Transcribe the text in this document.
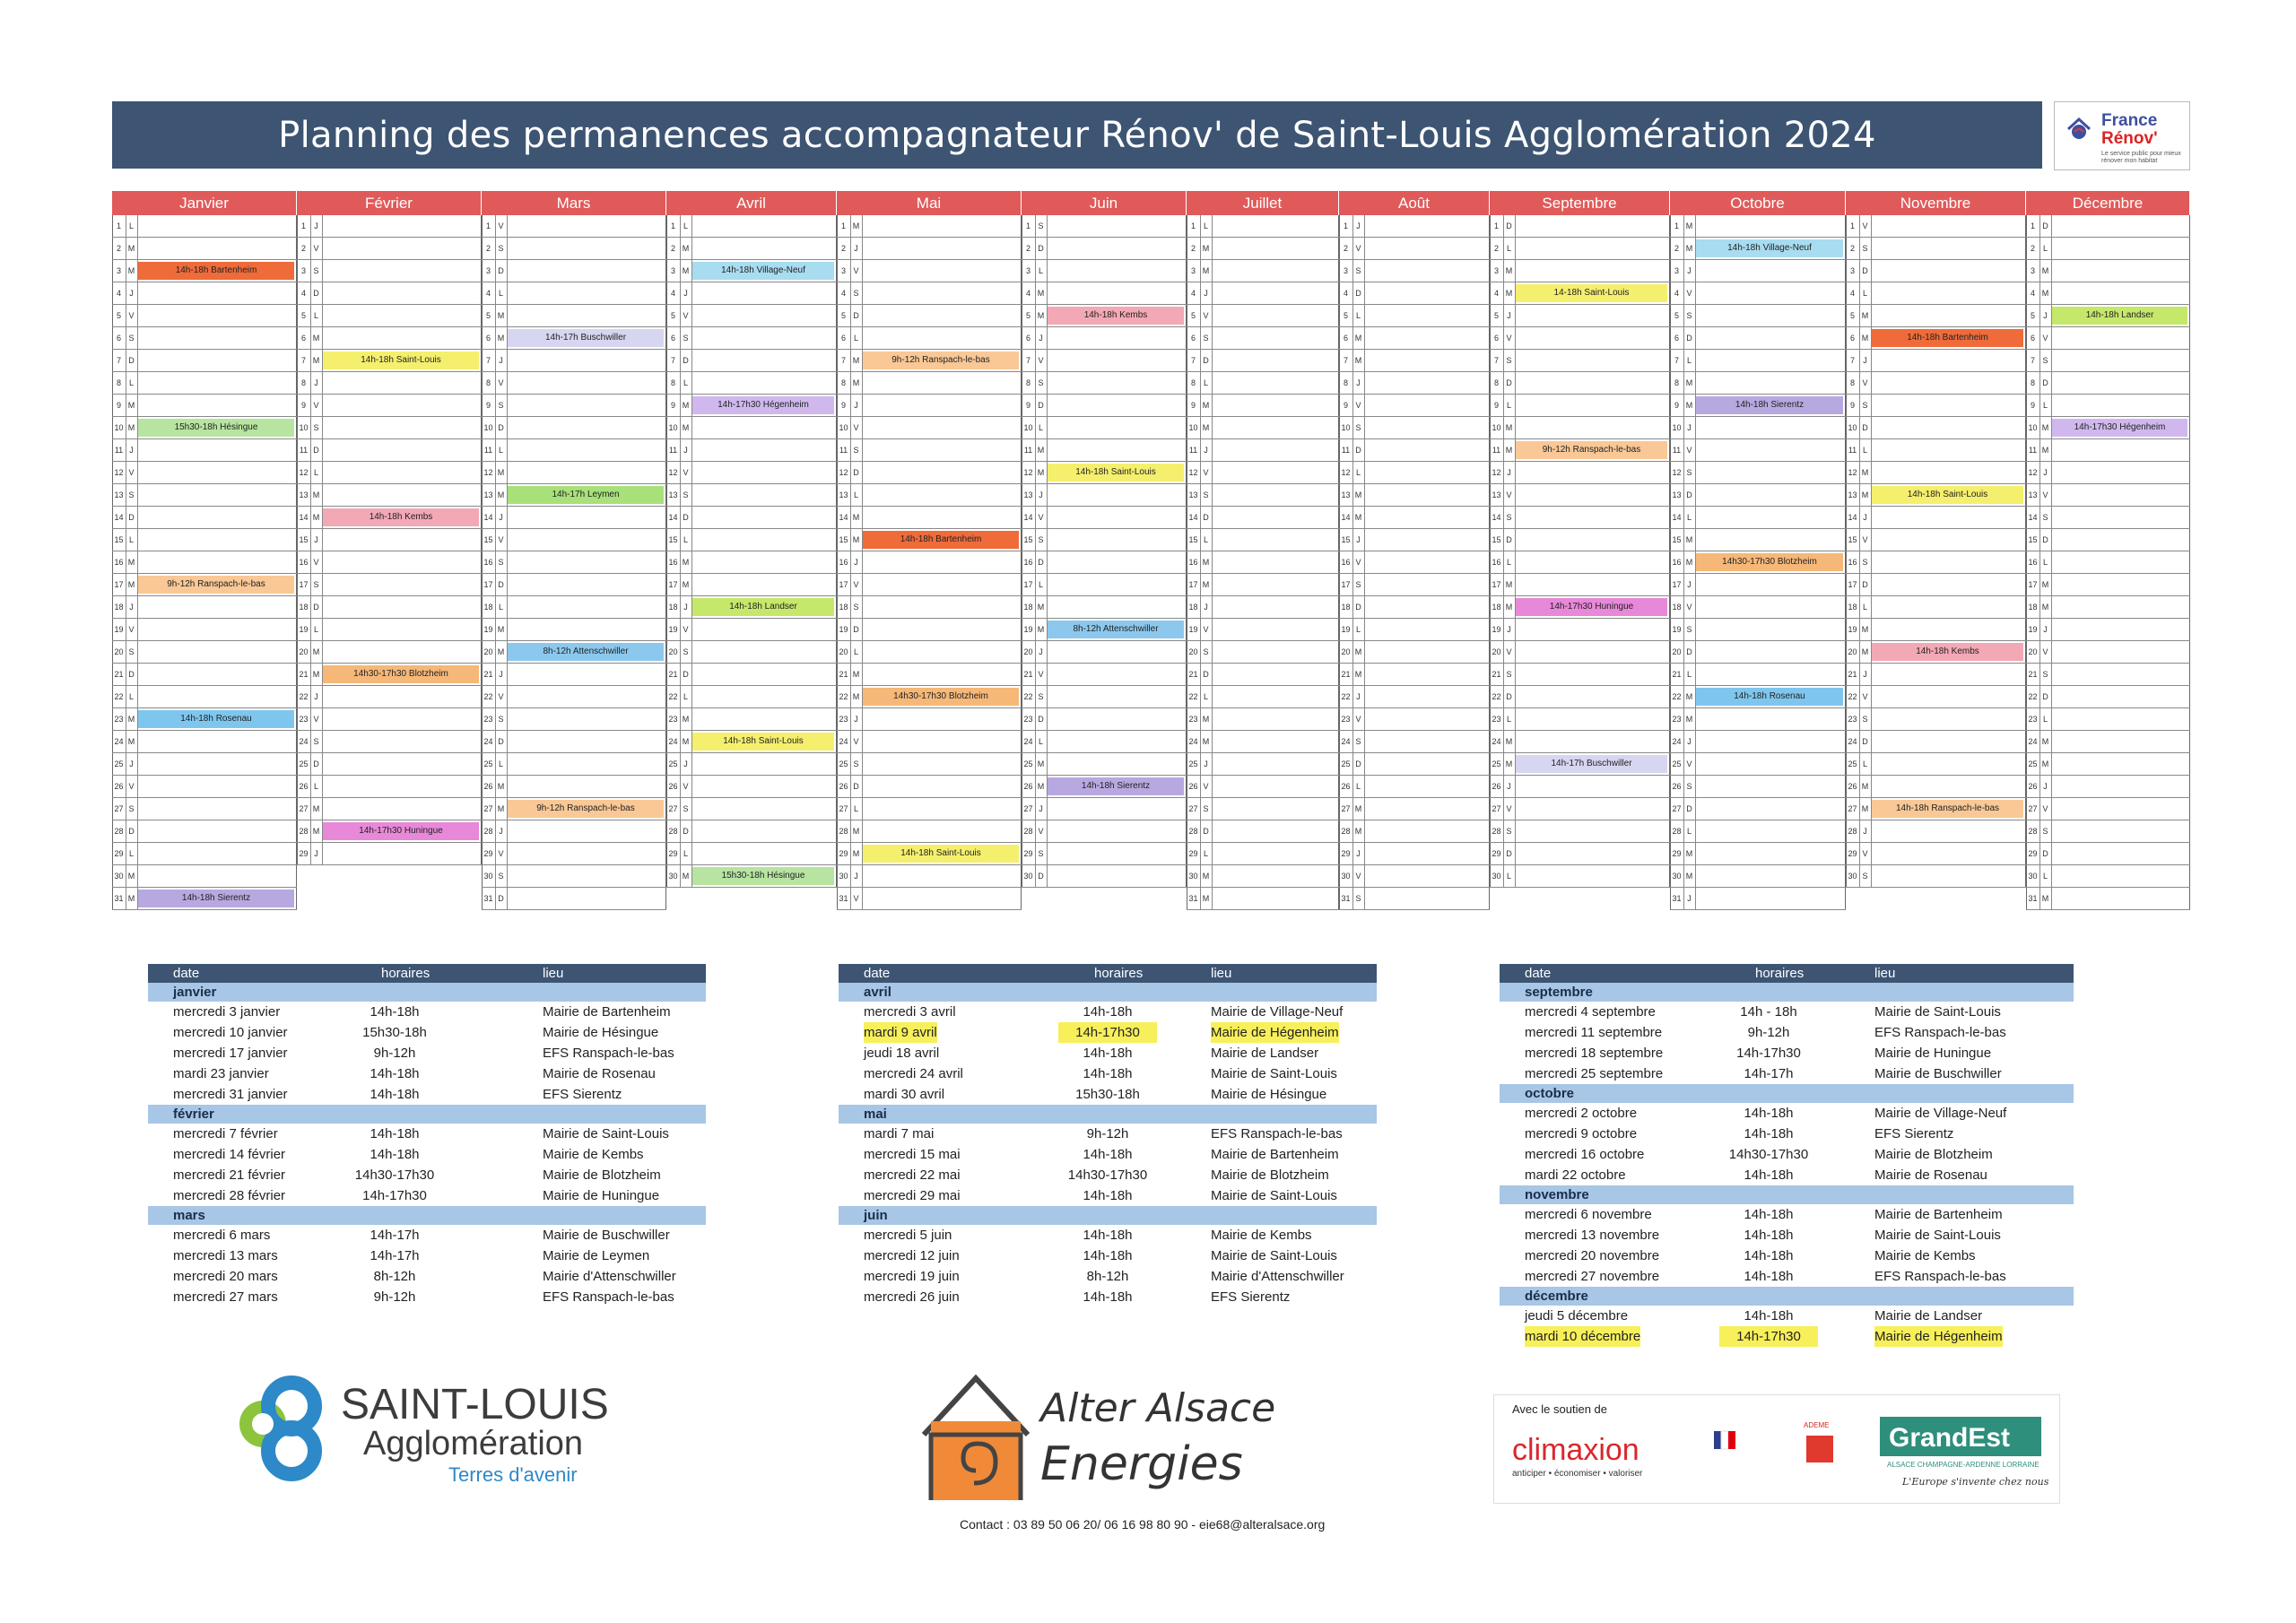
Planning des permanences accompagnateur Rénov' de Saint-Louis Agglomération 2024	France
Rénov'
Le service public pour mieux rénover mon habitat
Janvier
1 L
2 M
3 M	14h-18h Bartenheim
4	J
5 V
6 S
7 D
8 L
9 M
10 M	15h30-18h Hésingue
11 J
12 V
13 S
14 D
15 L
16 M
17 M	9h-12h Ranspach-le-bas
18 J
19 V
20 S
21 D
22 L
23 M	14h-18h Rosenau
24 M
25 J
26 V
27 S
28 D
29 L
30 M
31 M	14h-18h Sierentz
Février
1	J
2 V
3 S
4 D
5 L
6 M
7 M	14h-18h Saint-Louis
8	J
9 V
10 S
11 D
12 L
13 M
14 M	14h-18h Kembs
15 J
16 V
17 S
18 D
19 L
20 M
21 M	14h30-17h30 Blotzheim
22 J
23 V
24 S
25 D
26 L
27 M
28 M	14h-17h30 Huningue
29 J
Mars
1 V
2 S
3 D
4 L
5 M
6 M	14h-17h Buschwiller
7	J
8 V
9 S
10 D
11 L
12 M
13 M	14h-17h Leymen
14 J
15 V
16 S
17 D
18 L
19 M
20 M	8h-12h Attenschwiller
21 J
22 V
23 S
24 D
25 L
26 M
27 M	9h-12h Ranspach-le-bas
28 J
29 V
30 S
31 D
Avril
1 L
2 M
3 M	14h-18h Village-Neuf
4	J
5 V
6 S
7 D
8 L
9 M	14h-17h30 Hégenheim
10 M
11 J
12 V
13 S
14 D
15 L
16 M
17 M
18 J	14h-18h Landser
19 V
20 S
21 D
22 L
23 M
24 M	14h-18h Saint-Louis
25 J
26 V
27 S
28 D
29 L
30 M	15h30-18h Hésingue
Mai
1 M
2	J
3 V
4 S
5 D
6 L
7 M	9h-12h Ranspach-le-bas
8 M
9	J
10 V
11 S
12 D
13 L
14 M
15 M	14h-18h Bartenheim
16 J
17 V
18 S
19 D
20 L
21 M
22 M	14h30-17h30 Blotzheim
23 J
24 V
25 S
26 D
27 L
28 M
29 M	14h-18h Saint-Louis
30 J
31 V
Juin
1 S
2 D
3 L
4 M
5 M	14h-18h Kembs
6	J
7 V
8 S
9 D
10 L
11 M
12 M	14h-18h Saint-Louis
13 J
14 V
15 S
16 D
17 L
18 M
19 M	8h-12h Attenschwiller
20 J
21 V
22 S
23 D
24 L
25 M
26 M	14h-18h Sierentz
27 J
28 V
29 S
30 D
Juillet
1 L
2 M
3 M
4	J
5 V
6 S
7 D
8 L
9 M
10 M
11 J
12 V
13 S
14 D
15 L
16 M
17 M
18 J
19 V
20 S
21 D
22 L
23 M
24 M
25 J
26 V
27 S
28 D
29 L
30 M
31 M
Août
1	J
2 V
3 S
4 D
5 L
6 M
7 M
8	J
9 V
10 S
11 D
12 L
13 M
14 M
15 J
16 V
17 S
18 D
19 L
20 M
21 M
22 J
23 V
24 S
25 D
26 L
27 M
28 M
29 J
30 V
31 S
Septembre
1 D
2 L
3 M
4 M	14-18h Saint-Louis
5	J
6 V
7 S
8 D
9 L
10 M
11 M	9h-12h Ranspach-le-bas
12 J
13 V
14 S
15 D
16 L
17 M
18 M	14h-17h30 Huningue
19 J
20 V
21 S
22 D
23 L
24 M
25 M	14h-17h Buschwiller
26 J
27 V
28 S
29 D
30 L
Octobre
1 M
2 M	14h-18h Village-Neuf
3	J
4 V
5 S
6 D
7 L
8 M
9 M	14h-18h Sierentz
10 J
11 V
12 S
13 D
14 L
15 M
16 M	14h30-17h30 Blotzheim
17 J
18 V
19 S
20 D
21 L
22 M	14h-18h Rosenau
23 M
24 J
25 V
26 S
27 D
28 L
29 M
30 M
31 J
Novembre
1 V
2 S
3 D
4 L
5 M
6 M	14h-18h Bartenheim
7	J
8 V
9 S
10 D
11 L
12 M
13 M	14h-18h Saint-Louis
14 J
15 V
16 S
17 D
18 L
19 M
20 M	14h-18h Kembs
21 J
22 V
23 S
24 D
25 L
26 M
27 M	14h-18h Ranspach-le-bas
28 J
29 V
30 S
Décembre
1 D
2 L
3 M
4 M
5	J	14h-18h Landser
6 V
7 S
8 D
9 L
10 M	14h-17h30 Hégenheim
11 M
12 J
13 V
14 S
15 D
16 L
17 M
18 M
19 J
20 V
21 S
22 D
23 L
24 M
25 M
26 J
27 V
28 S
29 D
30 L
31 M
date	horaires	lieu
janvier
mercredi 3 janvier	14h-18h	Mairie de Bartenheim
mercredi 10 janvier	15h30-18h	Mairie de Hésingue
mercredi 17 janvier	9h-12h	EFS Ranspach-le-bas
mardi 23 janvier	14h-18h	Mairie de Rosenau
mercredi 31 janvier	14h-18h	EFS Sierentz
février
mercredi 7 février	14h-18h	Mairie de Saint-Louis
mercredi 14 février	14h-18h	Mairie de Kembs
mercredi 21 février	14h30-17h30	Mairie de Blotzheim
mercredi 28 février	14h-17h30	Mairie de Huningue
mars
mercredi 6 mars	14h-17h	Mairie de Buschwiller
mercredi 13 mars	14h-17h	Mairie de Leymen
mercredi 20 mars	8h-12h	Mairie d'Attenschwiller
mercredi 27 mars	9h-12h	EFS Ranspach-le-bas
date	horaires	lieu
avril
mercredi 3 avril	14h-18h	Mairie de Village-Neuf
mardi 9 avril	14h-17h30	Mairie de Hégenheim
jeudi 18 avril	14h-18h	Mairie de Landser
mercredi 24 avril	14h-18h	Mairie de Saint-Louis
mardi 30 avril	15h30-18h	Mairie de Hésingue
mai
mardi 7 mai	9h-12h	EFS Ranspach-le-bas
mercredi 15 mai	14h-18h	Mairie de Bartenheim
mercredi 22 mai	14h30-17h30	Mairie de Blotzheim
mercredi 29 mai	14h-18h	Mairie de Saint-Louis
juin
mercredi 5 juin	14h-18h	Mairie de Kembs
mercredi 12 juin	14h-18h	Mairie de Saint-Louis
mercredi 19 juin	8h-12h	Mairie d'Attenschwiller
mercredi 26 juin	14h-18h	EFS Sierentz
date	horaires	lieu
septembre
mercredi 4 septembre	14h - 18h	Mairie de Saint-Louis
mercredi 11 septembre	9h-12h	EFS Ranspach-le-bas
mercredi 18 septembre	14h-17h30	Mairie de Huningue
mercredi 25 septembre	14h-17h	Mairie de Buschwiller
octobre
mercredi 2 octobre	14h-18h	Mairie de Village-Neuf
mercredi 9 octobre	14h-18h	EFS Sierentz
mercredi 16 octobre	14h30-17h30	Mairie de Blotzheim
mardi 22 octobre	14h-18h	Mairie de Rosenau
novembre
mercredi 6 novembre	14h-18h	Mairie de Bartenheim
mercredi 13 novembre	14h-18h	Mairie de Saint-Louis
mercredi 20 novembre	14h-18h	Mairie de Kembs
mercredi 27 novembre	14h-18h	EFS Ranspach-le-bas
décembre
jeudi 5 décembre	14h-18h	Mairie de Landser
mardi 10 décembre	14h-17h30	Mairie de Hégenheim
SAINT-LOUIS
Agglomération
Terres d'avenir
Alter Alsace
Energies
Contact : 03 89 50 06 20/ 06 16 98 80 90 - eie68@alteralsace.org
Avec le soutien de
climaxion
anticiper • économiser • valoriser
ADEME GrandEst
ALSACE CHAMPAGNE-ARDENNE LORRAINE
L'Europe s'invente chez nous
